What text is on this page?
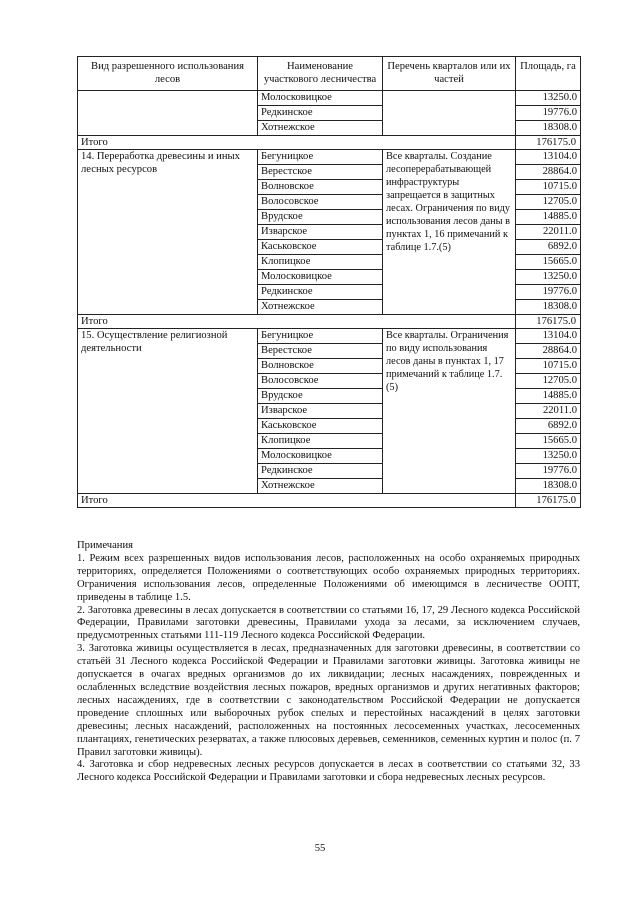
Вид разрешенного использования лесов	Наименование участкового лесничества	Перечень кварталов или их частей	Площадь, га
	Молосковицкое		13250.0
	Редкинское		19776.0
	Хотнежское		18308.0
Итого			176175.0
14. Переработка древесины и иных лесных ресурсов	Бегуницкое	Все кварталы. Создание лесоперерабатывающей инфраструктуры запрещается в защитных лесах. Ограничения по виду использования лесов даны в пунктах 1, 16 примечаний к таблице 1.7.(5)	13104.0
	Верестское		28864.0
	Волновское		10715.0
	Волосовское		12705.0
	Врудское		14885.0
	Изварское		22011.0
	Каськовское		6892.0
	Клопицкое		15665.0
	Молосковицкое		13250.0
	Редкинское		19776.0
	Хотнежское		18308.0
Итого			176175.0
15. Осуществление религиозной деятельности	Бегуницкое	Все кварталы. Ограничения по виду использования лесов даны в пунктах 1, 17 примечаний к таблице 1.7.(5)	13104.0
	Верестское		28864.0
	Волновское		10715.0
	Волосовское		12705.0
	Врудское		14885.0
	Изварское		22011.0
	Каськовское		6892.0
	Клопицкое		15665.0
	Молосковицкое		13250.0
	Редкинское		19776.0
	Хотнежское		18308.0
Итого			176175.0

Примечания

1. Режим всех разрешенных видов использования лесов, расположенных на особо охраняемых природных территориях, определяется Положениями о соответствующих особо охраняемых природных территориях. Ограничения использования лесов, определенные Положениями об имеющимся в лесничестве ООПТ, приведены в таблице 1.5.

2. Заготовка древесины в лесах допускается в соответствии со статьями 16, 17, 29 Лесного кодекса Российской Федерации, Правилами заготовки древесины, Правилами ухода за лесами, за исключением случаев, предусмотренных статьями 111-119 Лесного кодекса Российской Федерации.

3. Заготовка живицы осуществляется в лесах, предназначенных для заготовки древесины, в соответствии со статьёй 31 Лесного кодекса Российской Федерации и Правилами заготовки живицы. Заготовка живицы не допускается в очагах вредных организмов до их ликвидации; лесных насаждениях, поврежденных и ослабленных вследствие воздействия лесных пожаров, вредных организмов и других негативных факторов; лесных насаждениях, где в соответствии с законодательством Российской Федерации не допускается проведение сплошных или выборочных рубок спелых и перестойных насаждений в целях заготовки древесины; лесных насаждений, расположенных на постоянных лесосеменных участках, лесосеменных плантациях, генетических резерватах, а также плюсовых деревьев, семенников, семенных куртин и полос (п. 7 Правил заготовки живицы).

4. Заготовка и сбор недревесных лесных ресурсов допускается в лесах в соответствии со статьями 32, 33 Лесного кодекса Российской Федерации и Правилами заготовки и сбора недревесных лесных ресурсов.

55
